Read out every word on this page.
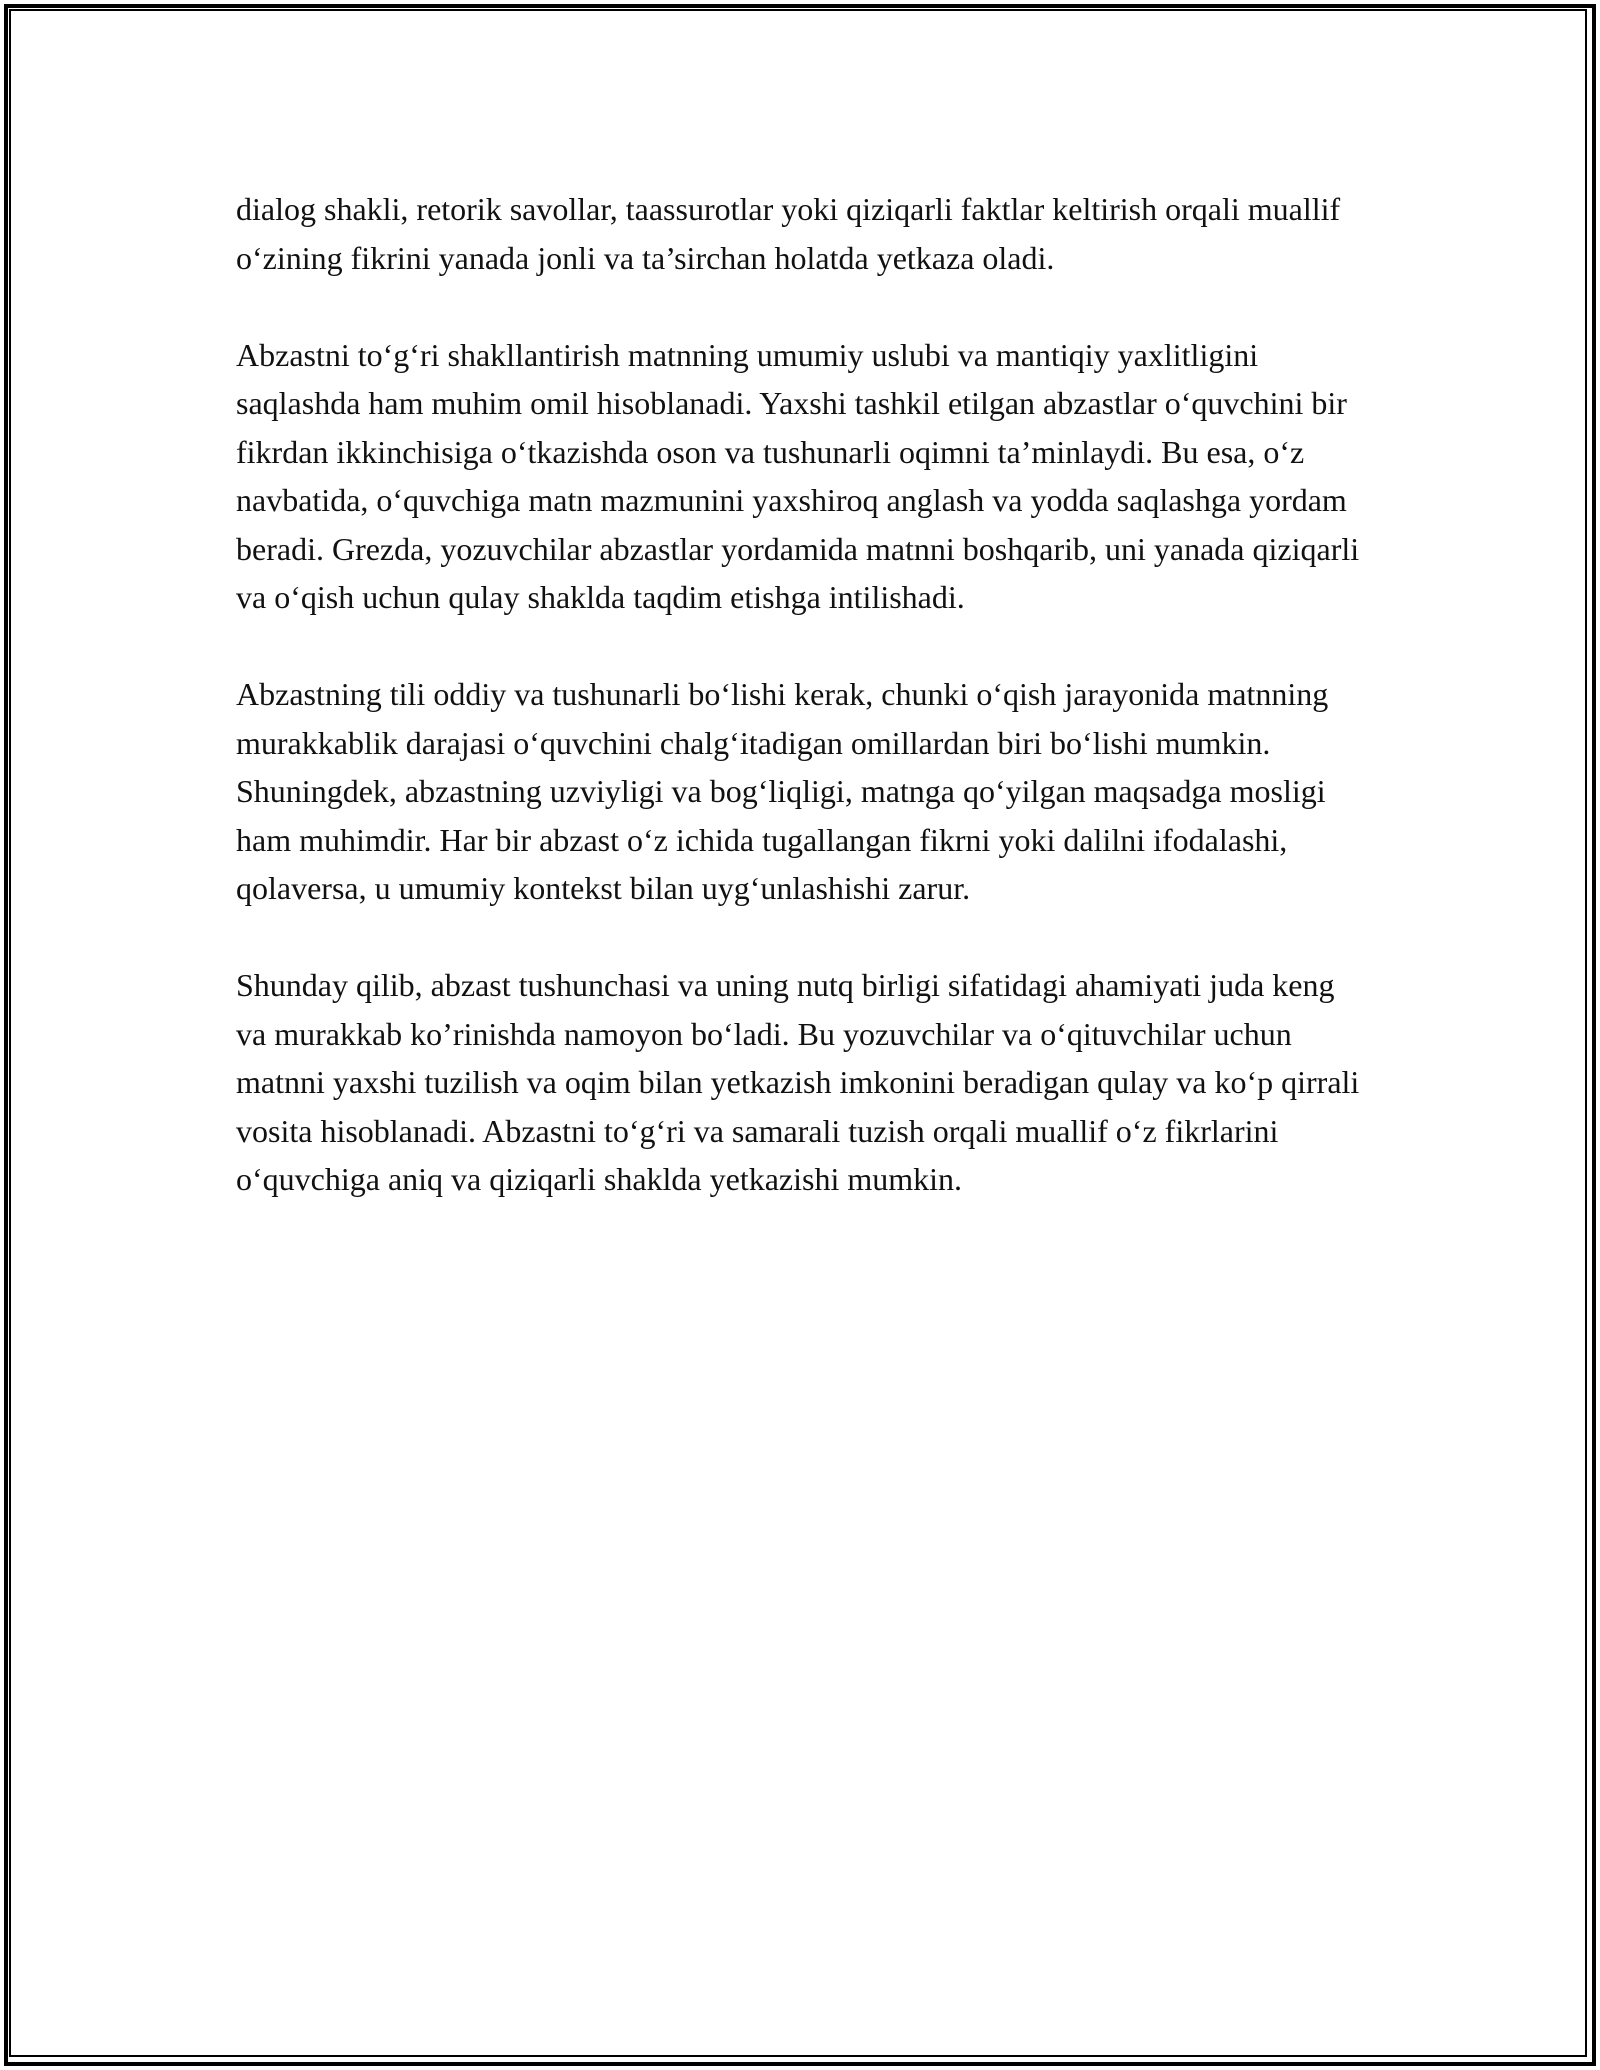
dialog shakli, retorik savollar, taassurotlar yoki qiziqarli faktlar keltirish orqali muallif o‘zining fikrini yanada jonli va ta’sirchan holatda yetkaza oladi.

Abzastni to‘g‘ri shakllantirish matnning umumiy uslubi va mantiqiy yaxlitligini saqlashda ham muhim omil hisoblanadi. Yaxshi tashkil etilgan abzastlar o‘quvchini bir fikrdan ikkinchisiga o‘tkazishda oson va tushunarli oqimni ta’minlaydi. Bu esa, o‘z navbatida, o‘quvchiga matn mazmunini yaxshiroq anglash va yodda saqlashga yordam beradi. Grezda, yozuvchilar abzastlar yordamida matnni boshqarib, uni yanada qiziqarli va o‘qish uchun qulay shaklda taqdim etishga intilishadi.

Abzastning tili oddiy va tushunarli bo‘lishi kerak, chunki o‘qish jarayonida matnning murakkablik darajasi o‘quvchini chalg‘itadigan omillardan biri bo‘lishi mumkin. Shuningdek, abzastning uzviyligi va bog‘liqligi, matnga qo‘yilgan maqsadga mosligi ham muhimdir. Har bir abzast o‘z ichida tugallangan fikrni yoki dalilni ifodalashi, qolaversa, u umumiy kontekst bilan uyg‘unlashishi zarur.

Shunday qilib, abzast tushunchasi va uning nutq birligi sifatidagi ahamiyati juda keng va murakkab ko’rinishda namoyon bo‘ladi. Bu yozuvchilar va o‘qituvchilar uchun matnni yaxshi tuzilish va oqim bilan yetkazish imkonini beradigan qulay va ko‘p qirrali vosita hisoblanadi. Abzastni to‘g‘ri va samarali tuzish orqali muallif o‘z fikrlarini o‘quvchiga aniq va qiziqarli shaklda yetkazishi mumkin.
